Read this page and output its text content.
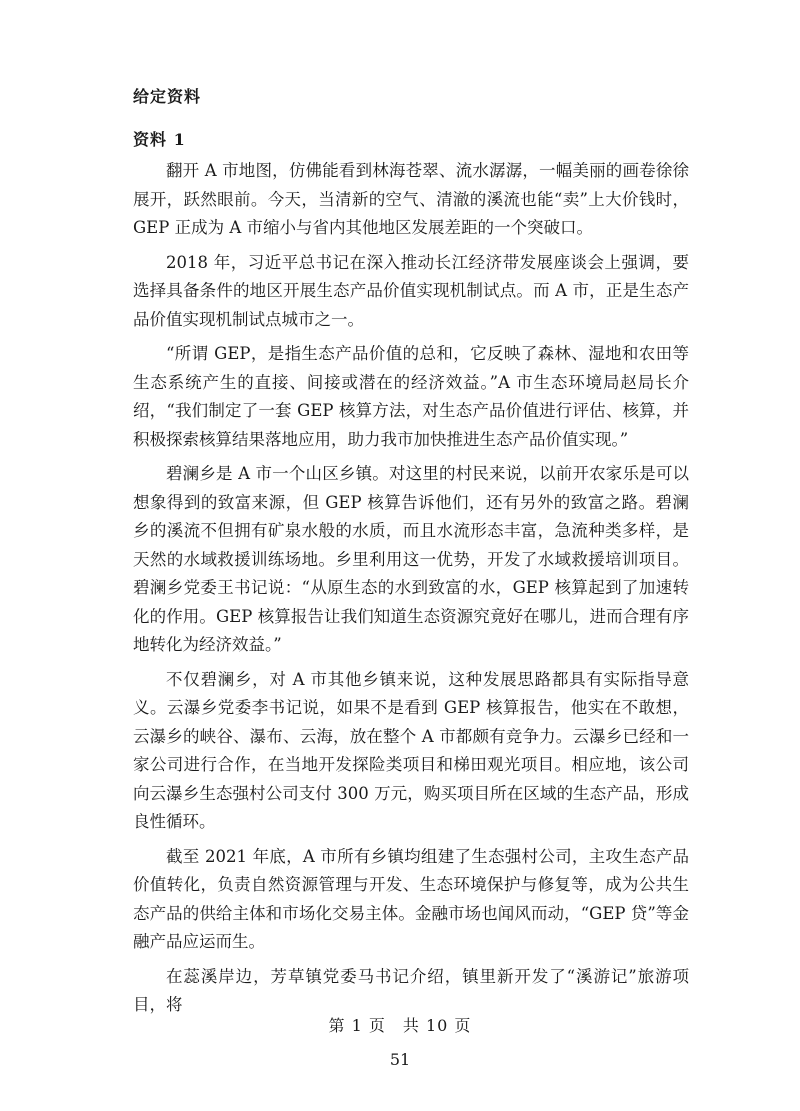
给定资料
资料 1

翻开 A 市地图，仿佛能看到林海苍翠、流水潺潺，一幅美丽的画卷徐徐展开，跃然眼前。今天，当清新的空气、清澈的溪流也能“卖”上大价钱时，GEP 正成为 A 市缩小与省内其他地区发展差距的一个突破口。

2018 年，习近平总书记在深入推动长江经济带发展座谈会上强调，要选择具备条件的地区开展生态产品价值实现机制试点。而 A 市，正是生态产品价值实现机制试点城市之一。

“所谓 GEP，是指生态产品价值的总和，它反映了森林、湿地和农田等生态系统产生的直接、间接或潜在的经济效益。”A 市生态环境局赵局长介绍，“我们制定了一套 GEP 核算方法，对生态产品价值进行评估、核算，并积极探索核算结果落地应用，助力我市加快推进生态产品价值实现。”

碧澜乡是 A 市一个山区乡镇。对这里的村民来说，以前开农家乐是可以想象得到的致富来源，但 GEP 核算告诉他们，还有另外的致富之路。碧澜乡的溪流不但拥有矿泉水般的水质，而且水流形态丰富，急流种类多样，是天然的水域救援训练场地。乡里利用这一优势，开发了水域救援培训项目。碧澜乡党委王书记说：“从原生态的水到致富的水，GEP 核算起到了加速转化的作用。GEP 核算报告让我们知道生态资源究竟好在哪儿，进而合理有序地转化为经济效益。”

不仅碧澜乡，对 A 市其他乡镇来说，这种发展思路都具有实际指导意义。云瀑乡党委李书记说，如果不是看到 GEP 核算报告，他实在不敢想，云瀑乡的峡谷、瀑布、云海，放在整个 A 市都颇有竞争力。云瀑乡已经和一家公司进行合作，在当地开发探险类项目和梯田观光项目。相应地，该公司向云瀑乡生态强村公司支付 300 万元，购买项目所在区域的生态产品，形成良性循环。

截至 2021 年底，A 市所有乡镇均组建了生态强村公司，主攻生态产品价值转化，负责自然资源管理与开发、生态环境保护与修复等，成为公共生态产品的供给主体和市场化交易主体。金融市场也闻风而动，“GEP 贷”等金融产品应运而生。

在蕊溪岸边，芳草镇党委马书记介绍，镇里新开发了“溪游记”旅游项目，将

第 1 页　共 10 页
51
